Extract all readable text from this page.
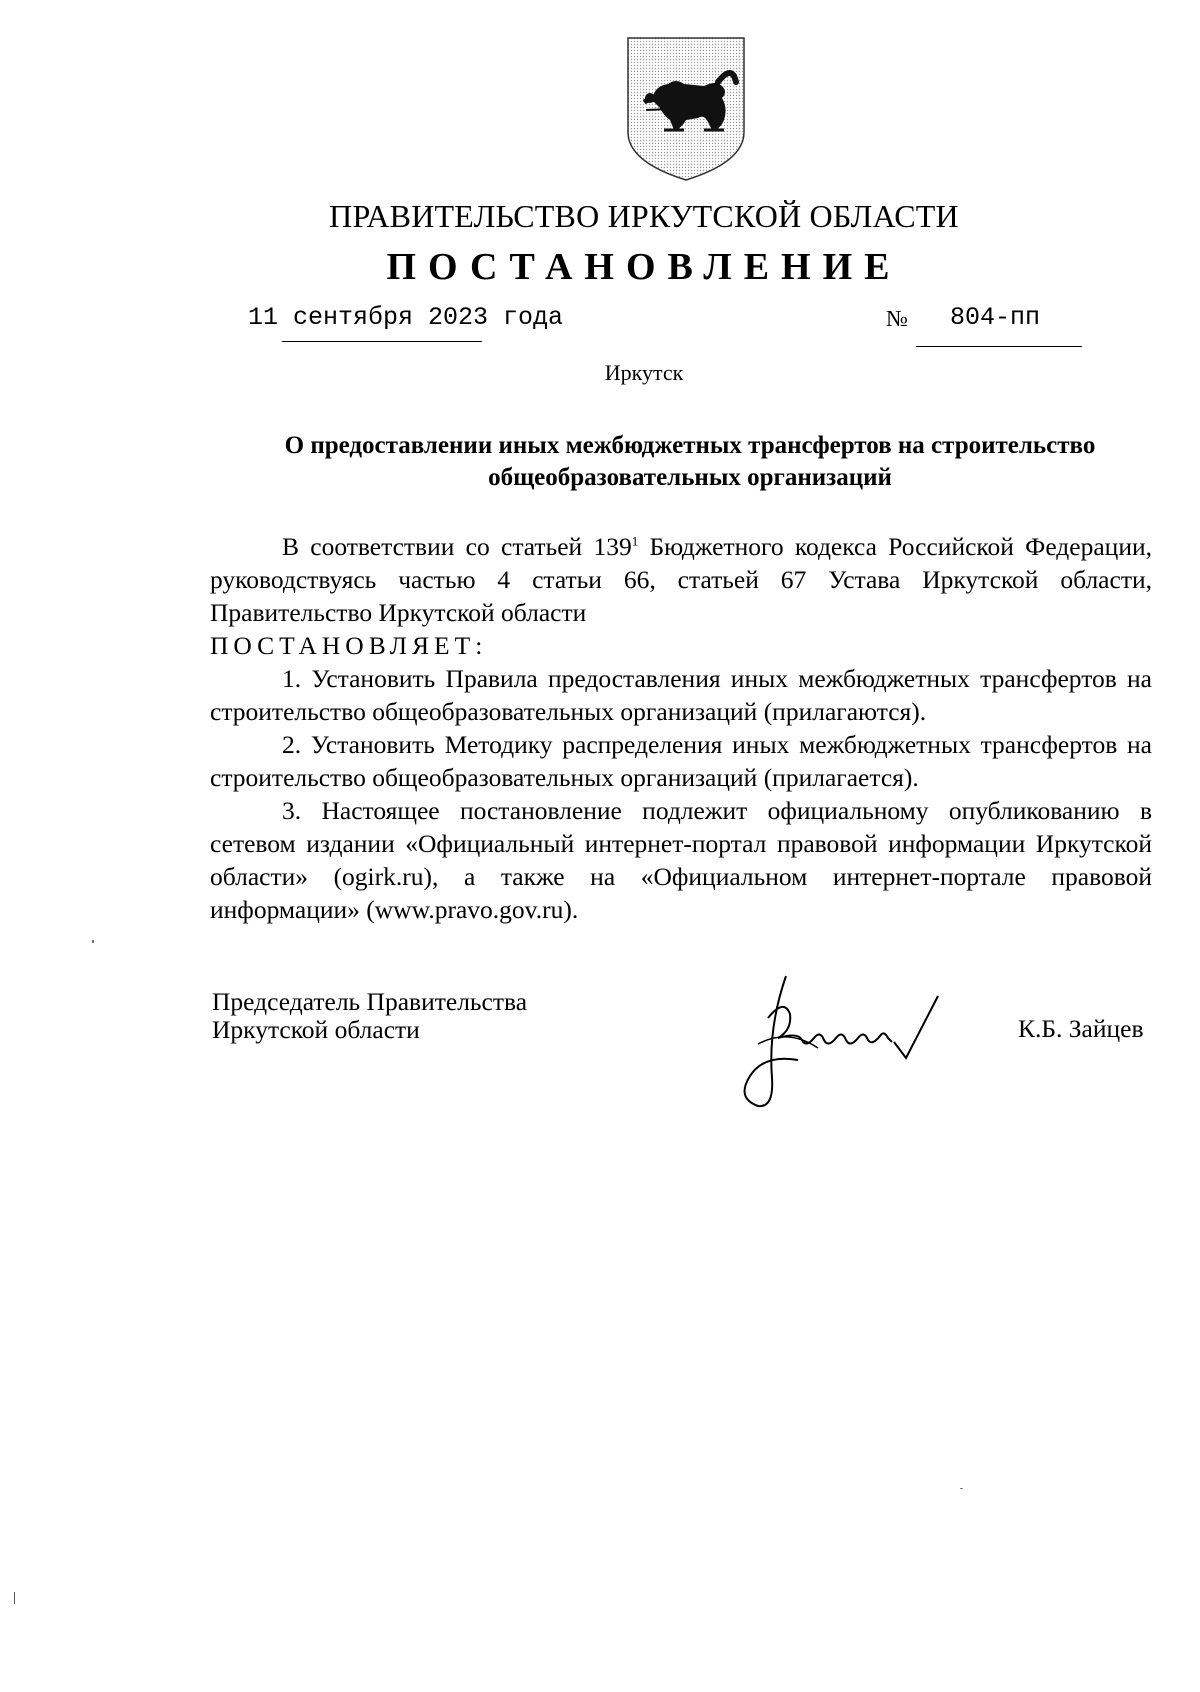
ПРАВИТЕЛЬСТВО ИРКУТСКОЙ ОБЛАСТИ
ПОСТАНОВЛЕНИЕ
11 сентября 2023 года	№ 804-пп
Иркутск
О предоставлении иных межбюджетных трансфертов на строительство
общеобразовательных организаций

В соответствии со статьей $139^1$ Бюджетного кодекса Российской Федерации, руководствуясь частью 4 статьи 66, статьей 67 Устава Иркутской области, Правительство Иркутской области

ПОСТАНОВЛЯЕТ:

1. Установить Правила предоставления иных межбюджетных трансфертов на строительство общеобразовательных организаций (прилагаются).

2. Установить Методику распределения иных межбюджетных трансфертов на строительство общеобразовательных организаций (прилагается).

3. Настоящее постановление подлежит официальному опубликованию в сетевом издании «Официальный интернет-портал правовой информации Иркутской области» (ogirk.ru), а также на «Официальном интернет-портале правовой информации» (www.pravo.gov.ru).

Председатель Правительства
Иркутской области	К.Б. Зайцев
